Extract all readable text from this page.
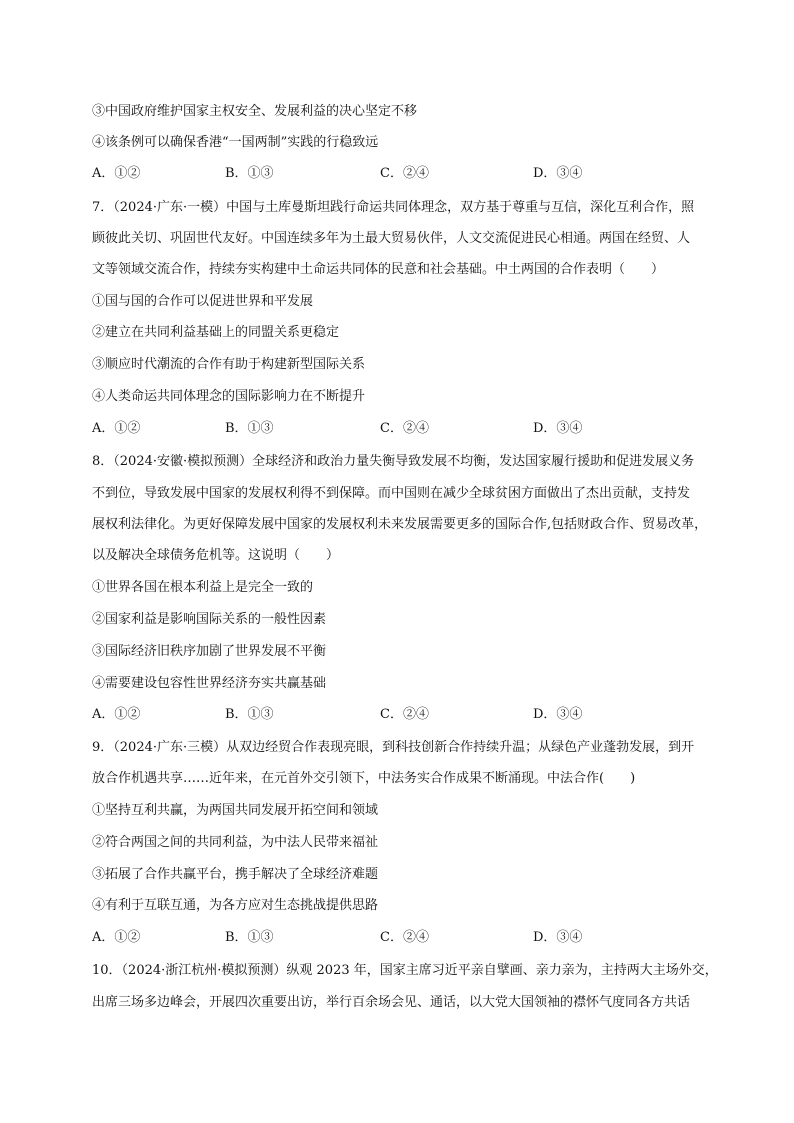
③中国政府维护国家主权安全、发展利益的决心坚定不移
④该条例可以确保香港“一国两制”实践的行稳致远
A．①②	B．①③	C．②④	D．③④
7．（2024·广东·一模）中国与土库曼斯坦践行命运共同体理念，双方基于尊重与互信，深化互利合作，照
顾彼此关切、巩固世代友好。中国连续多年为土最大贸易伙伴，人文交流促进民心相通。两国在经贸、人
文等领域交流合作，持续夯实构建中土命运共同体的民意和社会基础。中土两国的合作表明（　　）
①国与国的合作可以促进世界和平发展
②建立在共同利益基础上的同盟关系更稳定
③顺应时代潮流的合作有助于构建新型国际关系
④人类命运共同体理念的国际影响力在不断提升
A．①②	B．①③	C．②④	D．③④
8．（2024·安徽·模拟预测）全球经济和政治力量失衡导致发展不均衡，发达国家履行援助和促进发展义务
不到位，导致发展中国家的发展权利得不到保障。而中国则在减少全球贫困方面做出了杰出贡献，支持发
展权利法律化。为更好保障发展中国家的发展权利未来发展需要更多的国际合作,包括财政合作、贸易改革，
以及解决全球债务危机等。这说明（　　）
①世界各国在根本利益上是完全一致的
②国家利益是影响国际关系的一般性因素
③国际经济旧秩序加剧了世界发展不平衡
④需要建设包容性世界经济夯实共赢基础
A．①②	B．①③	C．②④	D．③④
9．（2024·广东·三模）从双边经贸合作表现亮眼，到科技创新合作持续升温；从绿色产业蓬勃发展，到开
放合作机遇共享……近年来，在元首外交引领下，中法务实合作成果不断涌现。中法合作(　　)
①坚持互利共赢，为两国共同发展开拓空间和领域
②符合两国之间的共同利益，为中法人民带来福祉
③拓展了合作共赢平台，携手解决了全球经济难题
④有利于互联互通，为各方应对生态挑战提供思路
A．①②	B．①③	C．②④	D．③④
10．（2024·浙江杭州·模拟预测）纵观 2023 年，国家主席习近平亲自擘画、亲力亲为，主持两大主场外交，
出席三场多边峰会，开展四次重要出访，举行百余场会见、通话，以大党大国领袖的襟怀气度同各方共话
